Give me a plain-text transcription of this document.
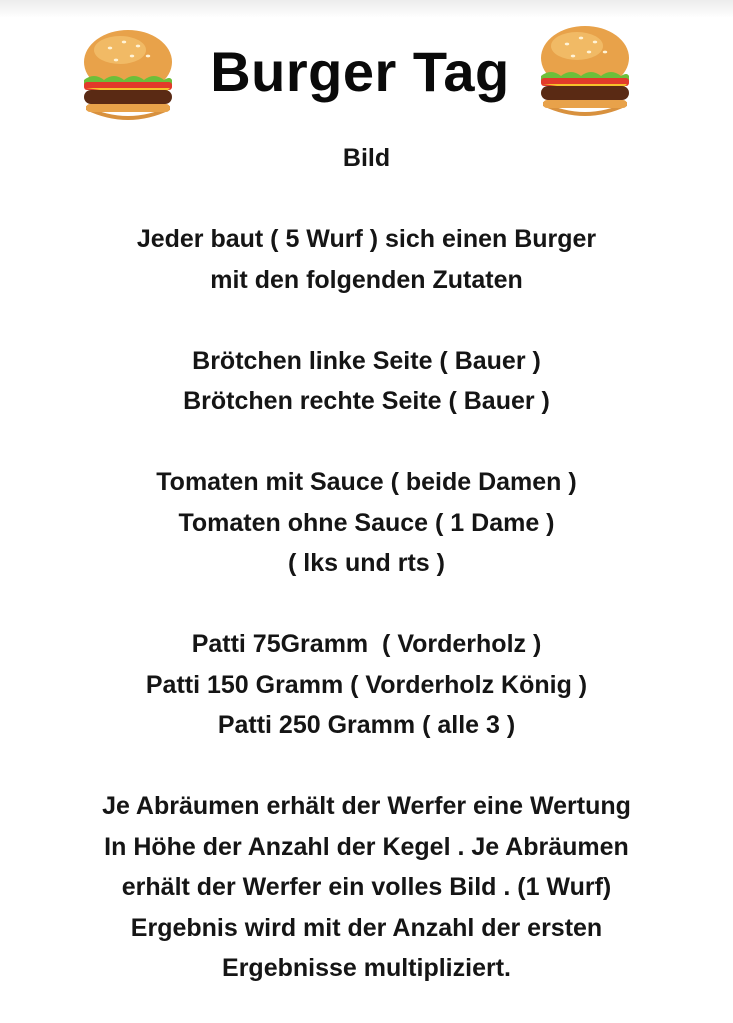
Burger Tag
Bild
Jeder baut ( 5 Wurf ) sich einen Burger
mit den folgenden Zutaten
Brötchen linke Seite ( Bauer )
Brötchen rechte Seite ( Bauer )
Tomaten mit Sauce ( beide Damen )
Tomaten ohne Sauce ( 1 Dame )
( lks und rts )
Patti 75Gramm  ( Vorderholz )
Patti 150 Gramm ( Vorderholz König )
Patti 250 Gramm ( alle 3 )
Je Abräumen erhält der Werfer eine Wertung
In Höhe der Anzahl der Kegel . Je Abräumen
erhält der Werfer ein volles Bild . (1 Wurf)
Ergebnis wird mit der Anzahl der ersten
Ergebnisse multipliziert.
